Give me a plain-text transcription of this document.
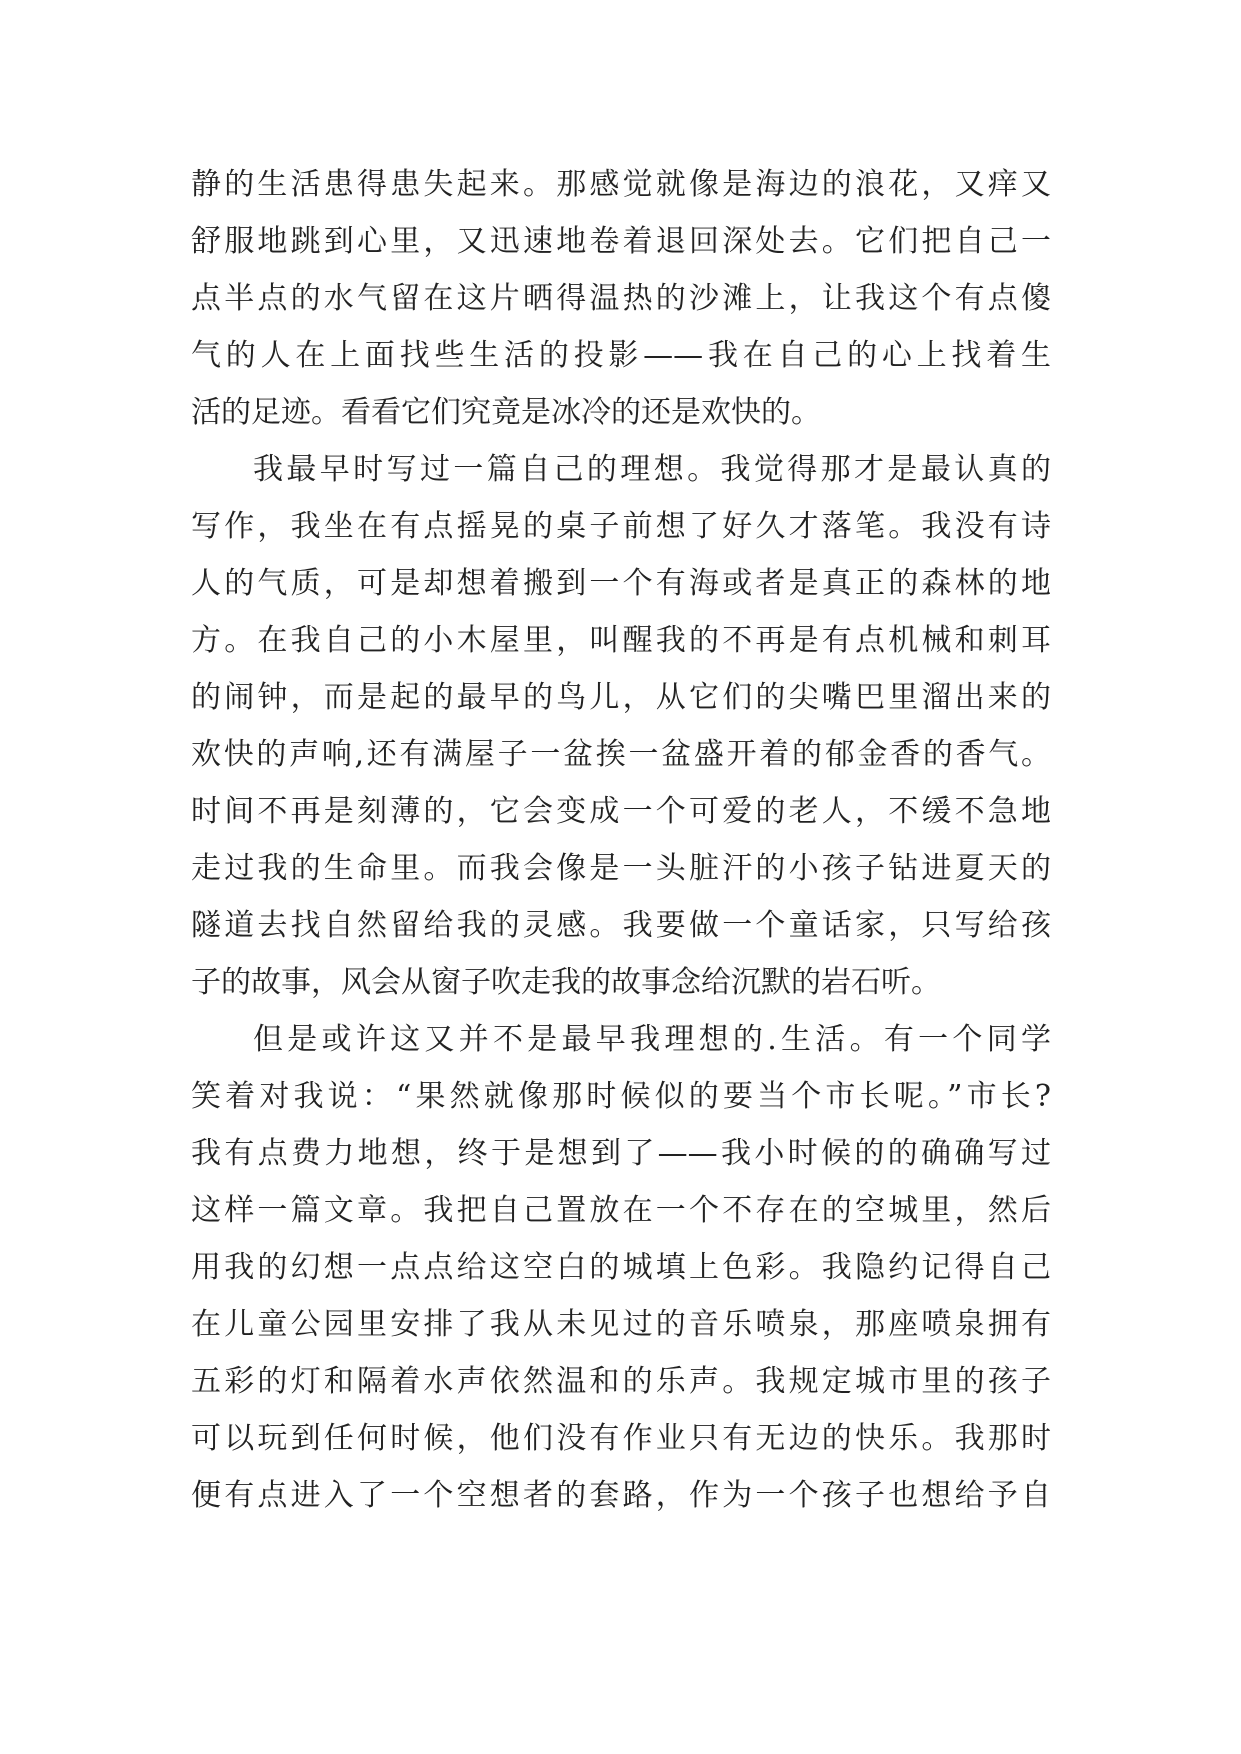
静的生活患得患失起来。那感觉就像是海边的浪花，又痒又
舒服地跳到心里，又迅速地卷着退回深处去。它们把自己一
点半点的水气留在这片晒得温热的沙滩上，让我这个有点傻
气的人在上面找些生活的投影——我在自己的心上找着生
活的足迹。看看它们究竟是冰冷的还是欢快的。
我最早时写过一篇自己的理想。我觉得那才是最认真的
写作，我坐在有点摇晃的桌子前想了好久才落笔。我没有诗
人的气质，可是却想着搬到一个有海或者是真正的森林的地
方。在我自己的小木屋里，叫醒我的不再是有点机械和刺耳
的闹钟，而是起的最早的鸟儿，从它们的尖嘴巴里溜出来的
欢快的声响,还有满屋子一盆挨一盆盛开着的郁金香的香气。
时间不再是刻薄的，它会变成一个可爱的老人，不缓不急地
走过我的生命里。而我会像是一头脏汗的小孩子钻进夏天的
隧道去找自然留给我的灵感。我要做一个童话家，只写给孩
子的故事，风会从窗子吹走我的故事念给沉默的岩石听。
但是或许这又并不是最早我理想的.生活。有一个同学
笑着对我说：“果然就像那时候似的要当个市长呢。”市长?
我有点费力地想，终于是想到了——我小时候的的确确写过
这样一篇文章。我把自己置放在一个不存在的空城里，然后
用我的幻想一点点给这空白的城填上色彩。我隐约记得自己
在儿童公园里安排了我从未见过的音乐喷泉，那座喷泉拥有
五彩的灯和隔着水声依然温和的乐声。我规定城市里的孩子
可以玩到任何时候，他们没有作业只有无边的快乐。我那时
便有点进入了一个空想者的套路，作为一个孩子也想给予自
